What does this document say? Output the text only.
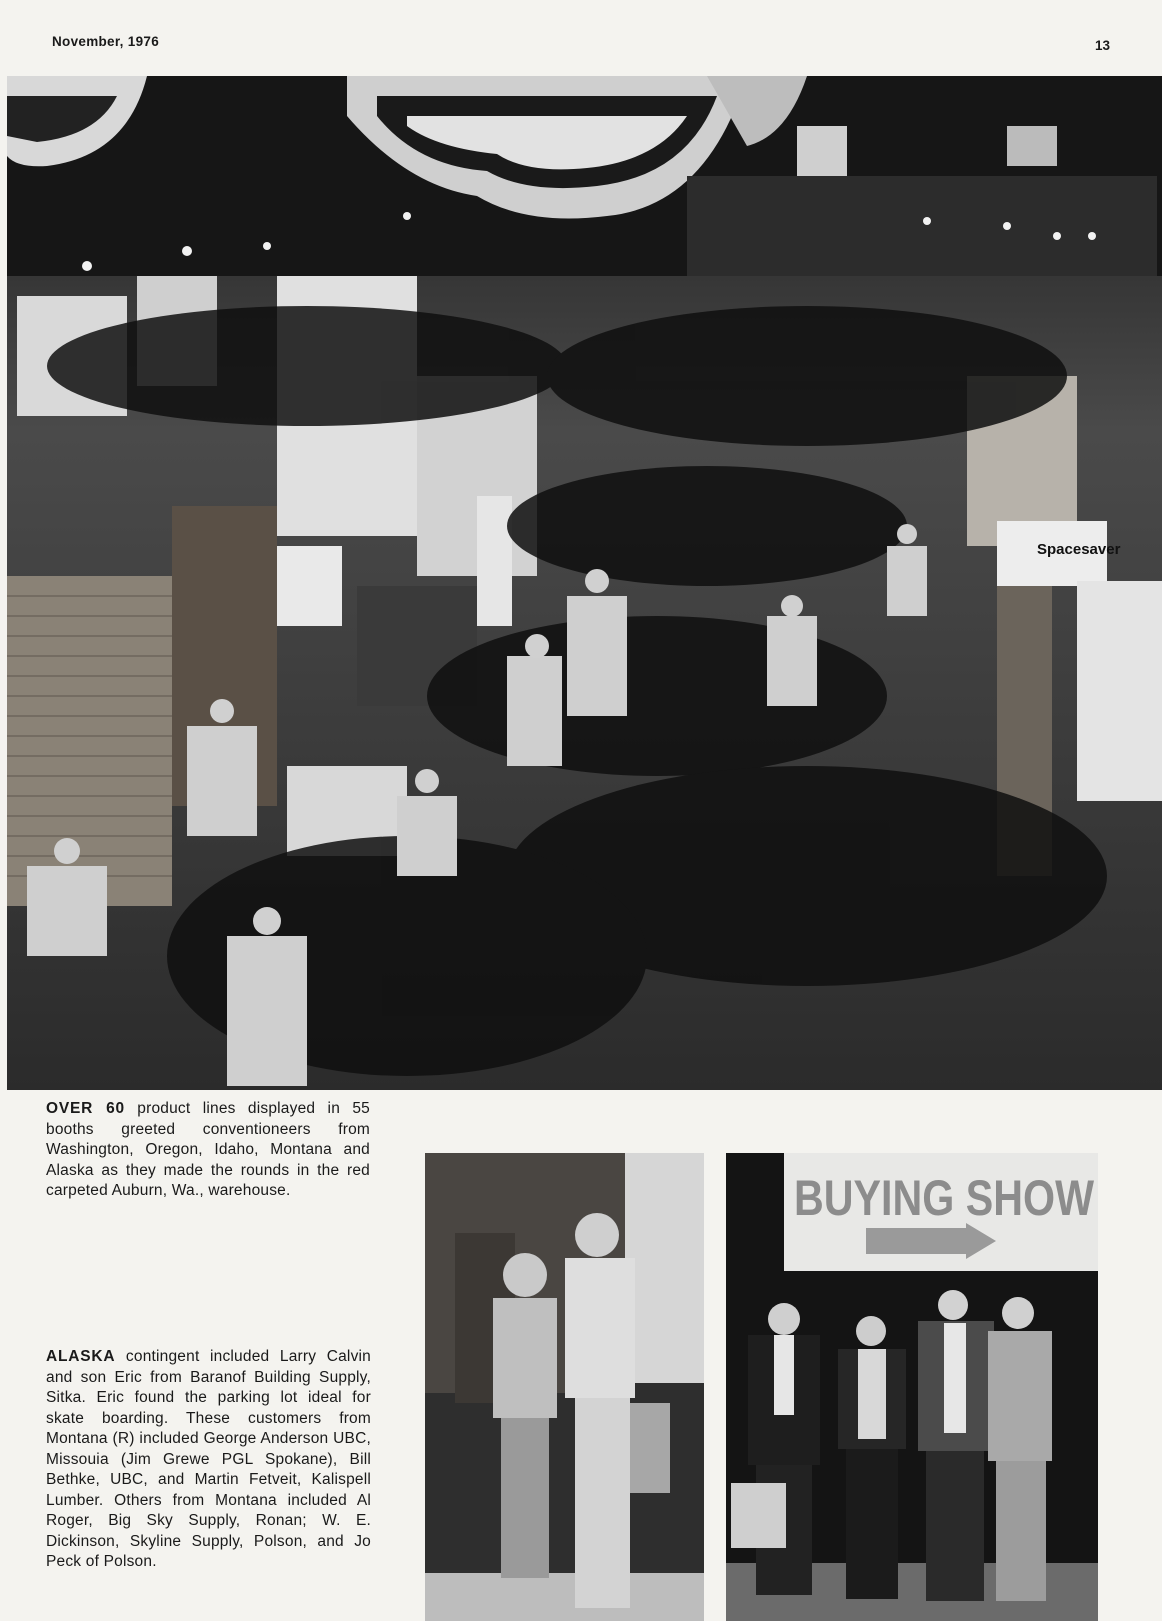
November, 1976	13
Spacesaver
OVER 60 product lines displayed in 55 booths greeted conventioneers from Washington, Oregon, Idaho, Montana and Alaska as they made the rounds in the red carpeted Auburn, Wa., warehouse.
ALASKA contingent included Larry Calvin and son Eric from Baranof Building Supply, Sitka. Eric found the parking lot ideal for skate boarding. These customers from Montana (R) included George Anderson UBC, Missouia (Jim Grewe PGL Spokane), Bill Bethke, UBC, and Martin Fetveit, Kalispell Lumber. Others from Montana included Al Roger, Big Sky Supply, Ronan; W. E. Dickinson, Skyline Supply, Polson, and Jo Peck of Polson.
BUYING SHOW
